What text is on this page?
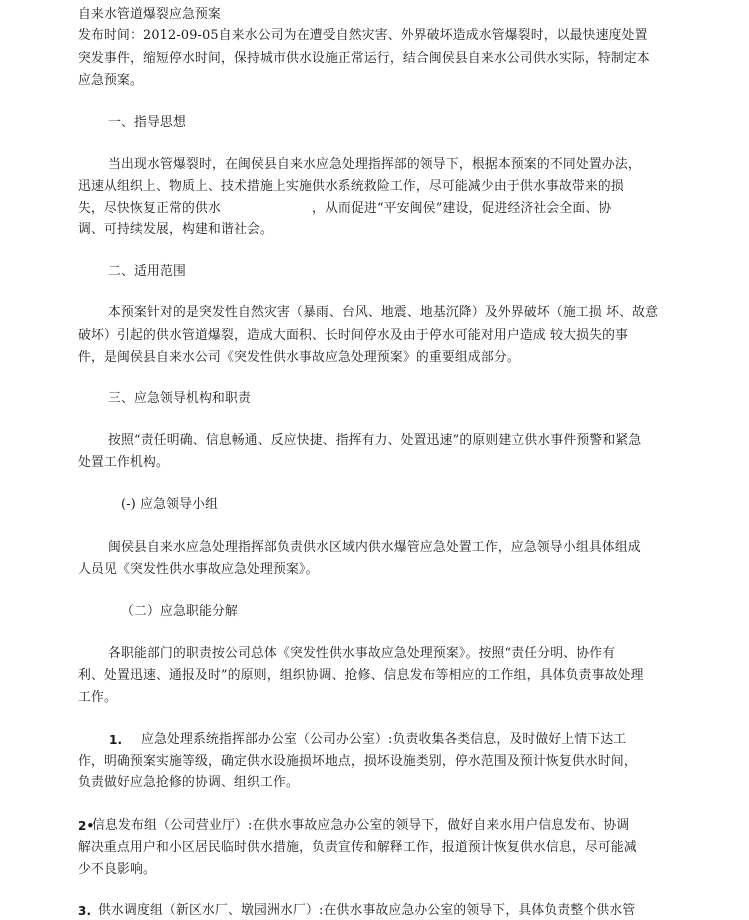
自来水管道爆裂应急预案
发布时间：2012-09-05自来水公司为在遭受自然灾害、外界破坏造成水管爆裂时，以最快速度处置
突发事件，缩短停水时间，保持城市供水设施正常运行，结合闽侯县自来水公司供水实际，特制定本
应急预案。
一、指导思想
当出现水管爆裂时，在闽侯县自来水应急处理指挥部的领导下，根据本预案的不同处置办法，
迅速从组织上、物质上、技术措施上实施供水系统救险工作，尽可能减少由于供水事故带来的损
失，尽快恢复正常的供水	，从而促进“平安闽侯”建设，促进经济社会全面、协
调、可持续发展，构建和谐社会。
二、适用范围
本预案针对的是突发性自然灾害（暴雨、台风、地震、地基沉降）及外界破坏（施工损 坏、故意
破坏）引起的供水管道爆裂，造成大面积、长时间停水及由于停水可能对用户造成 较大损失的事
件，是闽侯县自来水公司《突发性供水事故应急处理预案》的重要组成部分。
三、应急领导机构和职责
按照“责任明确、信息畅通、反应快捷、指挥有力、处置迅速”的原则建立供水事件预警和紧急
处置工作机构。
(-) 应急领导小组
闽侯县自来水应急处理指挥部负责供水区域内供水爆管应急处置工作，应急领导小组具体组成
人员见《突发性供水事故应急处理预案》。
（二）应急职能分解
各职能部门的职责按公司总体《突发性供水事故应急处理预案》。按照“责任分明、协作有
利、处置迅速、通报及时”的原则，组织协调、抢修、信息发布等相应的工作组，具体负责事故处理
工作。
1. 应急处理系统指挥部办公室（公司办公室）:负责收集各类信息，及时做好上情下达工
作，明确预案实施等级，确定供水设施损坏地点，损坏设施类别，停水范围及预计恢复供水时间，
负责做好应急抢修的协调、组织工作。
2•
信息发布组（公司营业厅）:在供水事故应急办公室的领导下，做好自来水用户信息发布、协调
解决重点用户和小区居民临时供水措施，负责宣传和解释工作，报道预计恢复供水信息，尽可能减
少不良影响。
3. 供水调度组（新区水厂、墩园洲水厂）:在供水事故应急办公室的领导下，具体负责整个供水管
